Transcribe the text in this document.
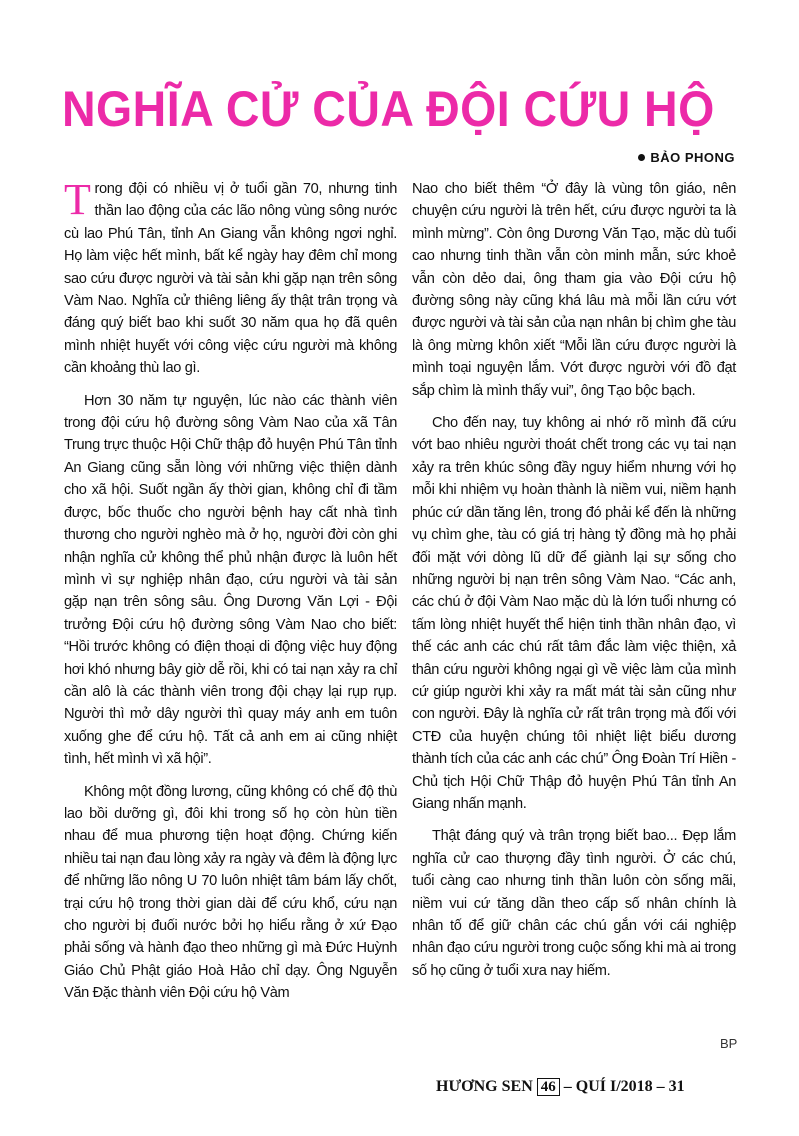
NGHĨA CỬ CỦA ĐỘI CỨU HỘ
BẢO PHONG

Trong đội có nhiều vị ở tuổi gần 70, nhưng tinh thần lao động của các lão nông vùng sông nước cù lao Phú Tân, tỉnh An Giang vẫn không ngơi nghỉ. Họ làm việc hết mình, bất kể ngày hay đêm chỉ mong sao cứu được người và tài sản khi gặp nạn trên sông Vàm Nao. Nghĩa cử thiêng liêng ấy thật trân trọng và đáng quý biết bao khi suốt 30 năm qua họ đã quên mình nhiệt huyết với công việc cứu người mà không cần khoảng thù lao gì.

Hơn 30 năm tự nguyện, lúc nào các thành viên trong đội cứu hộ đường sông Vàm Nao của xã Tân Trung trực thuộc Hội Chữ thập đỏ huyện Phú Tân tỉnh An Giang cũng sẵn lòng với những việc thiện dành cho xã hội. Suốt ngần ấy thời gian, không chỉ đi tầm được, bốc thuốc cho người bệnh hay cất nhà tình thương cho người nghèo mà ở họ, người đời còn ghi nhận nghĩa cử không thể phủ nhận được là luôn hết mình vì sự nghiệp nhân đạo, cứu người và tài sản gặp nạn trên sông sâu. Ông Dương Văn Lợi - Đội trưởng Đội cứu hộ đường sông Vàm Nao cho biết: “Hồi trước không có điện thoại di động việc huy động hơi khó nhưng bây giờ dễ rồi, khi có tai nạn xảy ra chỉ cần alô là các thành viên trong đội chạy lại rụp rụp. Người thì mở dây người thì quay máy anh em tuôn xuống ghe để cứu hộ. Tất cả anh em ai cũng nhiệt tình, hết mình vì xã hội”.

Không một đồng lương, cũng không có chế độ thù lao bồi dưỡng gì, đôi khi trong số họ còn hùn tiền nhau để mua phương tiện hoạt động. Chứng kiến nhiều tai nạn đau lòng xảy ra ngày và đêm là động lực để những lão nông U 70 luôn nhiệt tâm bám lấy chốt, trại cứu hộ trong thời gian dài để cứu khổ, cứu nạn cho người bị đuối nước bởi họ hiểu rằng ở xứ Đạo phải sống và hành đạo theo những gì mà Đức Huỳnh Giáo Chủ Phật giáo Hoà Hảo chỉ dạy. Ông Nguyễn Văn Đặc thành viên Đội cứu hộ Vàm

Nao cho biết thêm “Ở đây là vùng tôn giáo, nên chuyện cứu người là trên hết, cứu được người ta là mình mừng”. Còn ông Dương Văn Tạo, mặc dù tuổi cao nhưng tinh thần vẫn còn minh mẫn, sức khoẻ vẫn còn dẻo dai, ông tham gia vào Đội cứu hộ đường sông này cũng khá lâu mà mỗi lần cứu vớt được người và tài sản của nạn nhân bị chìm ghe tàu là ông mừng khôn xiết “Mỗi lần cứu được người là mình toại nguyện lắm. Vớt được người với đồ đạt sắp chìm là mình thấy vui”, ông Tạo bộc bạch.

Cho đến nay, tuy không ai nhớ rõ mình đã cứu vớt bao nhiêu người thoát chết trong các vụ tai nạn xảy ra trên khúc sông đầy nguy hiểm nhưng với họ mỗi khi nhiệm vụ hoàn thành là niềm vui, niềm hạnh phúc cứ dần tăng lên, trong đó phải kể đến là những vụ chìm ghe, tàu có giá trị hàng tỷ đồng mà họ phải đối mặt với dòng lũ dữ để giành lại sự sống cho những người bị nạn trên sông Vàm Nao. “Các anh, các chú ở đội Vàm Nao mặc dù là lớn tuổi nhưng có tấm lòng nhiệt huyết thể hiện tinh thần nhân đạo, vì thế các anh các chú rất tâm đắc làm việc thiện, xả thân cứu người không ngại gì về việc làm của mình cứ giúp người khi xảy ra mất mát tài sản cũng như con người. Đây là nghĩa cử rất trân trọng mà đối với CTĐ của huyện chúng tôi nhiệt liệt biểu dương thành tích của các anh các chú” Ông Đoàn Trí Hiền - Chủ tịch Hội Chữ Thập đỏ huyện Phú Tân tỉnh An Giang nhấn mạnh.

Thật đáng quý và trân trọng biết bao... Đẹp lắm nghĩa cử cao thượng đầy tình người. Ở các chú, tuổi càng cao nhưng tinh thần luôn còn sống mãi, niềm vui cứ tăng dần theo cấp số nhân chính là nhân tố để giữ chân các chú gắn với cái nghiệp nhân đạo cứu người trong cuộc sống khi mà ai trong số họ cũng ở tuổi xưa nay hiếm.

BP
HƯƠNG SEN 46 – QUÍ I/2018 – 31
